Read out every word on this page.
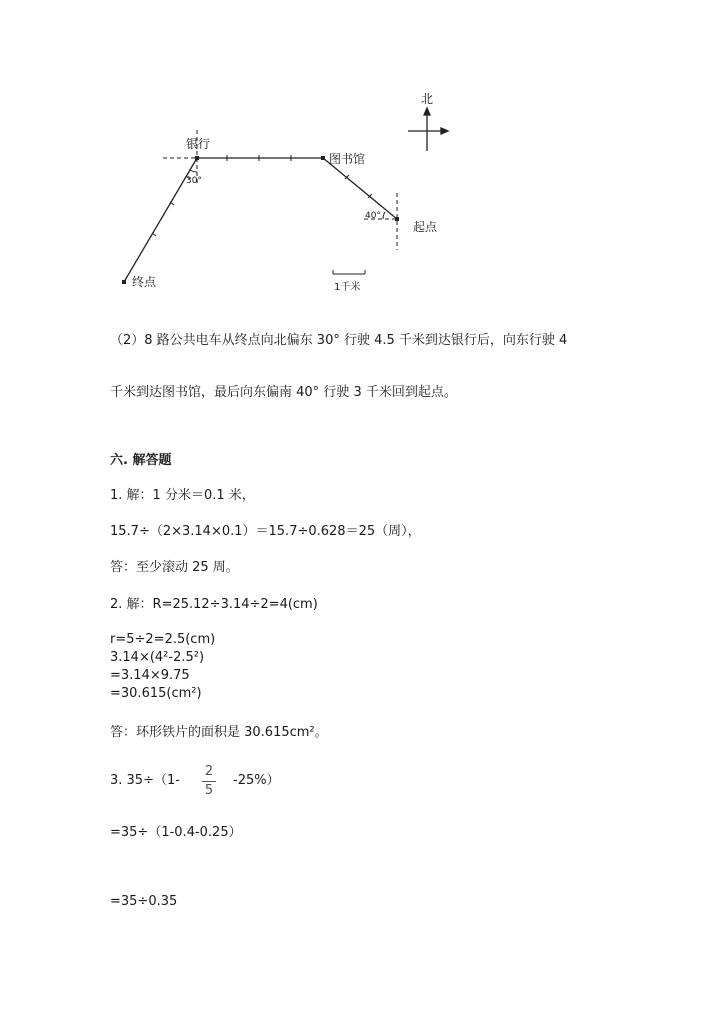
北
银行
图书馆
起点
终点
30°
40°
1千米
（2）8 路公共电车从终点向北偏东 30° 行驶 4.5 千米到达银行后，向东行驶 4
千米到达图书馆，最后向东偏南 40° 行驶 3 千米回到起点。
六. 解答题
1. 解：1 分米＝0.1 米，
15.7÷（2×3.14×0.1）＝15.7÷0.628＝25（周），
答：至少滚动 25 周。
2. 解：R=25.12÷3.14÷2=4(cm)
r=5÷2=2.5(cm)
3.14×(4²-2.5²)
=3.14×9.75
=30.615(cm²)
答：环形铁片的面积是 30.615cm²。
3. 35÷（1-
2
5
-25%）
=35÷（1-0.4-0.25）
=35÷0.35
